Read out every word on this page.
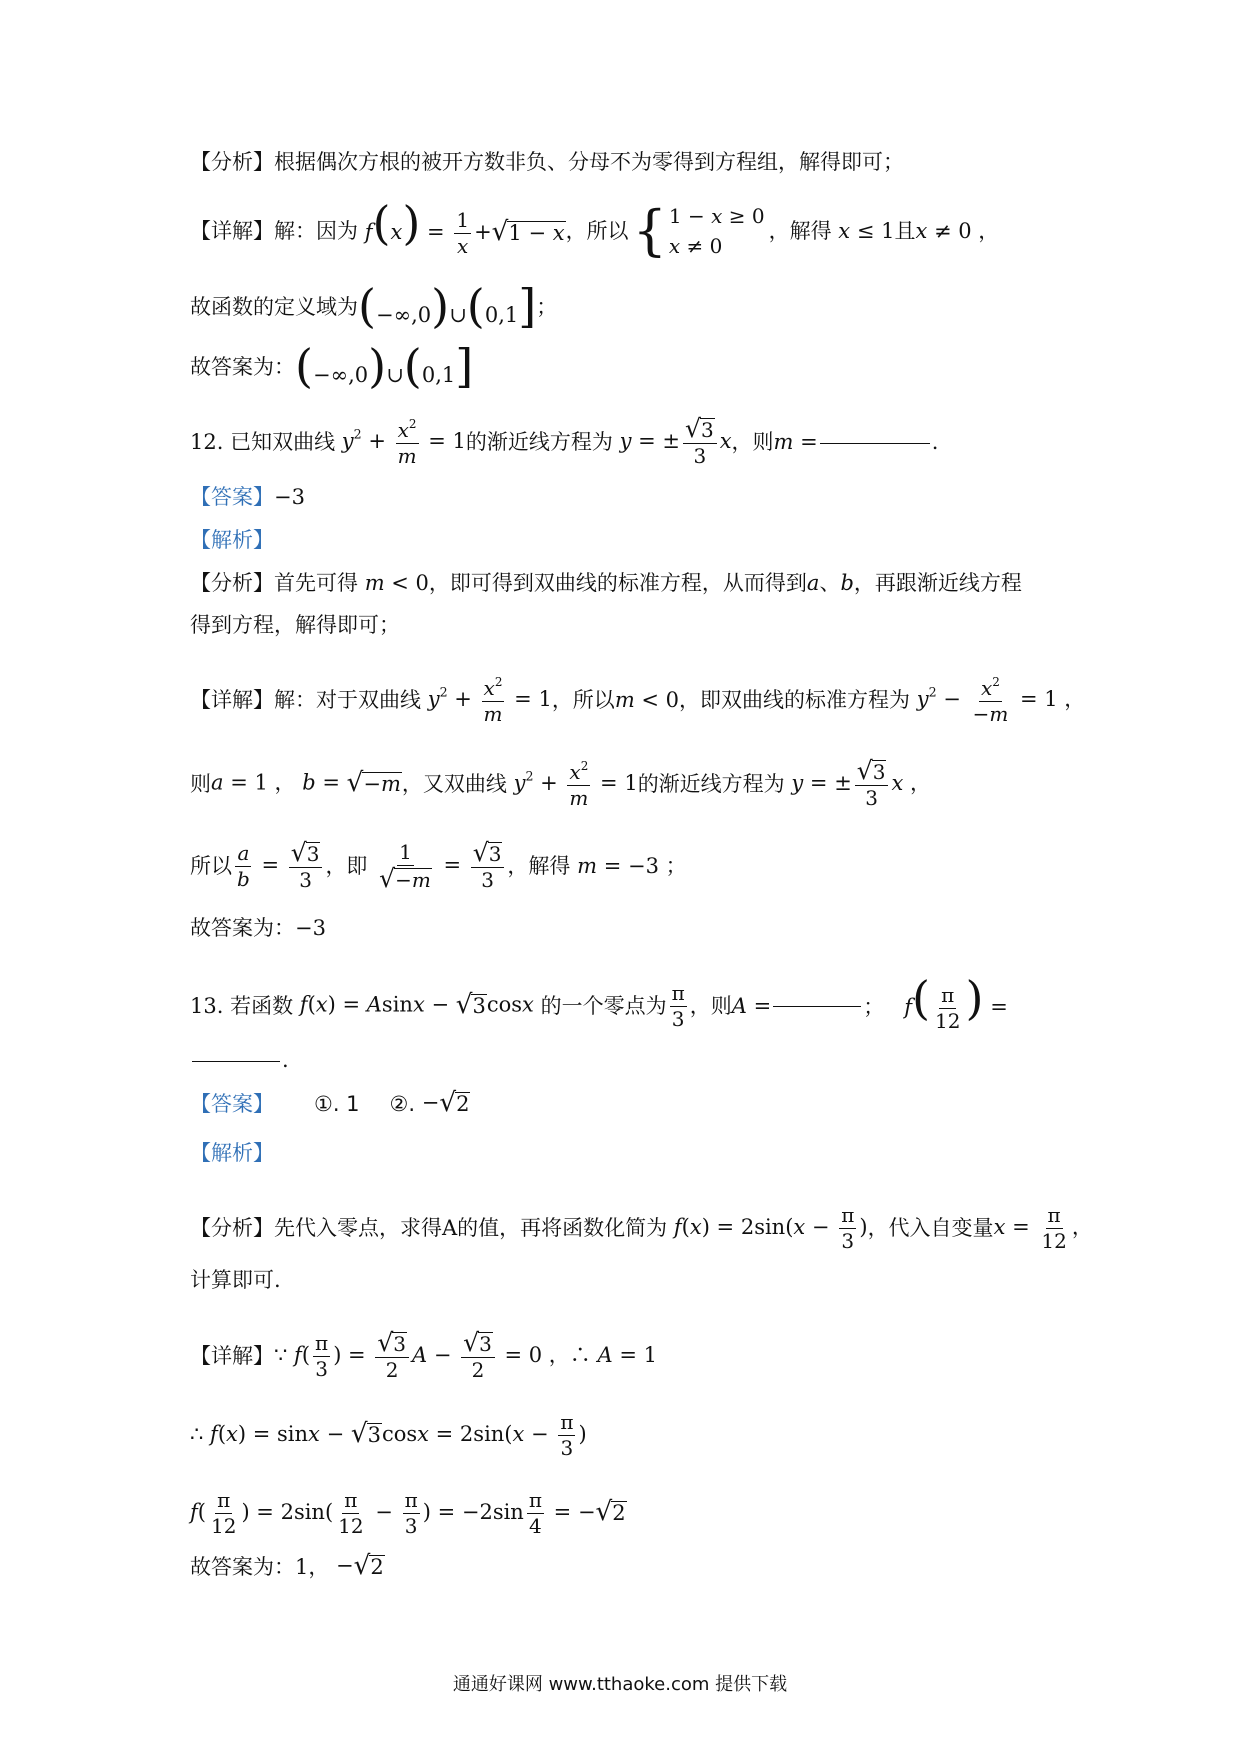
【分析】 根据偶次方根的被开方数非负、分母不为零得到方程组，解得即可；
【详解】 解：因为 $f(x) = \frac{1}{x}$ + √ 1 − x ，所以 { 1 − x ≥ 0
x ≠ 0
，解得 x ≤ 1 且 x ≠ 0 ，
故函数的定义域为 (−∞,0)∪(0,1] ；
故答案为： (−∞,0)∪(0,1]
12.
已知双曲线 $y^2 + \frac{x^2}{m} = 1$ 的渐近线方程为 y = ± $\frac{√ 3}{3}$ x ，则 m =	.
【答案】 −3
【解析】
【分析】 首先可得 m < 0 ，即可得到双曲线的标准方程，从而得到 a 、 b ，再跟渐近线方程
得到方程，解得即可；
【详解】 解：对于双曲线 $y^2 + \frac{x^2}{m} = 1$ ，所以 m < 0 ，即双曲线的标准方程为 $y^2 - \frac{x^2}{-m} = 1$ ，
则 a = 1 ， b = √ −m ，又双曲线 $y^2 + \frac{x^2}{m} = 1$ 的渐近线方程为 y = ± $\frac{√ 3}{3}$ x ，
所以 $\frac{a}{b} = \frac{√ 3}{3}$ ，即
$\frac{1}{√ -m} = \frac{√ 3}{3}$ ，解得 m = −3 ；
故答案为： −3
13.
若函数 f(x) = Asinx − √ 3 cosx 的一个零点为 $\frac{\pi}{3}$ ，则 A =	；   $f( \frac{\pi}{12}$ ) =
.
【答案】 ①. 1 ②. − √ 2
【解析】
【分析】 先代入零点，求得A的值，再将函数化简为 $f(x) = 2\sin(x - \frac{\pi}{3}$ ) ，代入自变量 $x = \frac{\pi}{12}$ ，
计算即可.
【详解】 ∵ $f( \frac{\pi}{3}$ ) = $\frac{√ 3}{2}$ $A - \frac{√ 3}{2} = 0$ ，∴ A = 1
∴ f(x) = sinx − √ 3 $\cos x = 2\sin(x - \frac{\pi}{3}$ )
$f( \frac{\pi}{12}$ ) = $2\sin( \frac{\pi}{12} - \frac{\pi}{3}$ ) = $-2\sin \frac{\pi}{4}$ = − √ 2
故答案为： 1， − √ 2
通通好课网 www.tthaoke.com 提供下载
